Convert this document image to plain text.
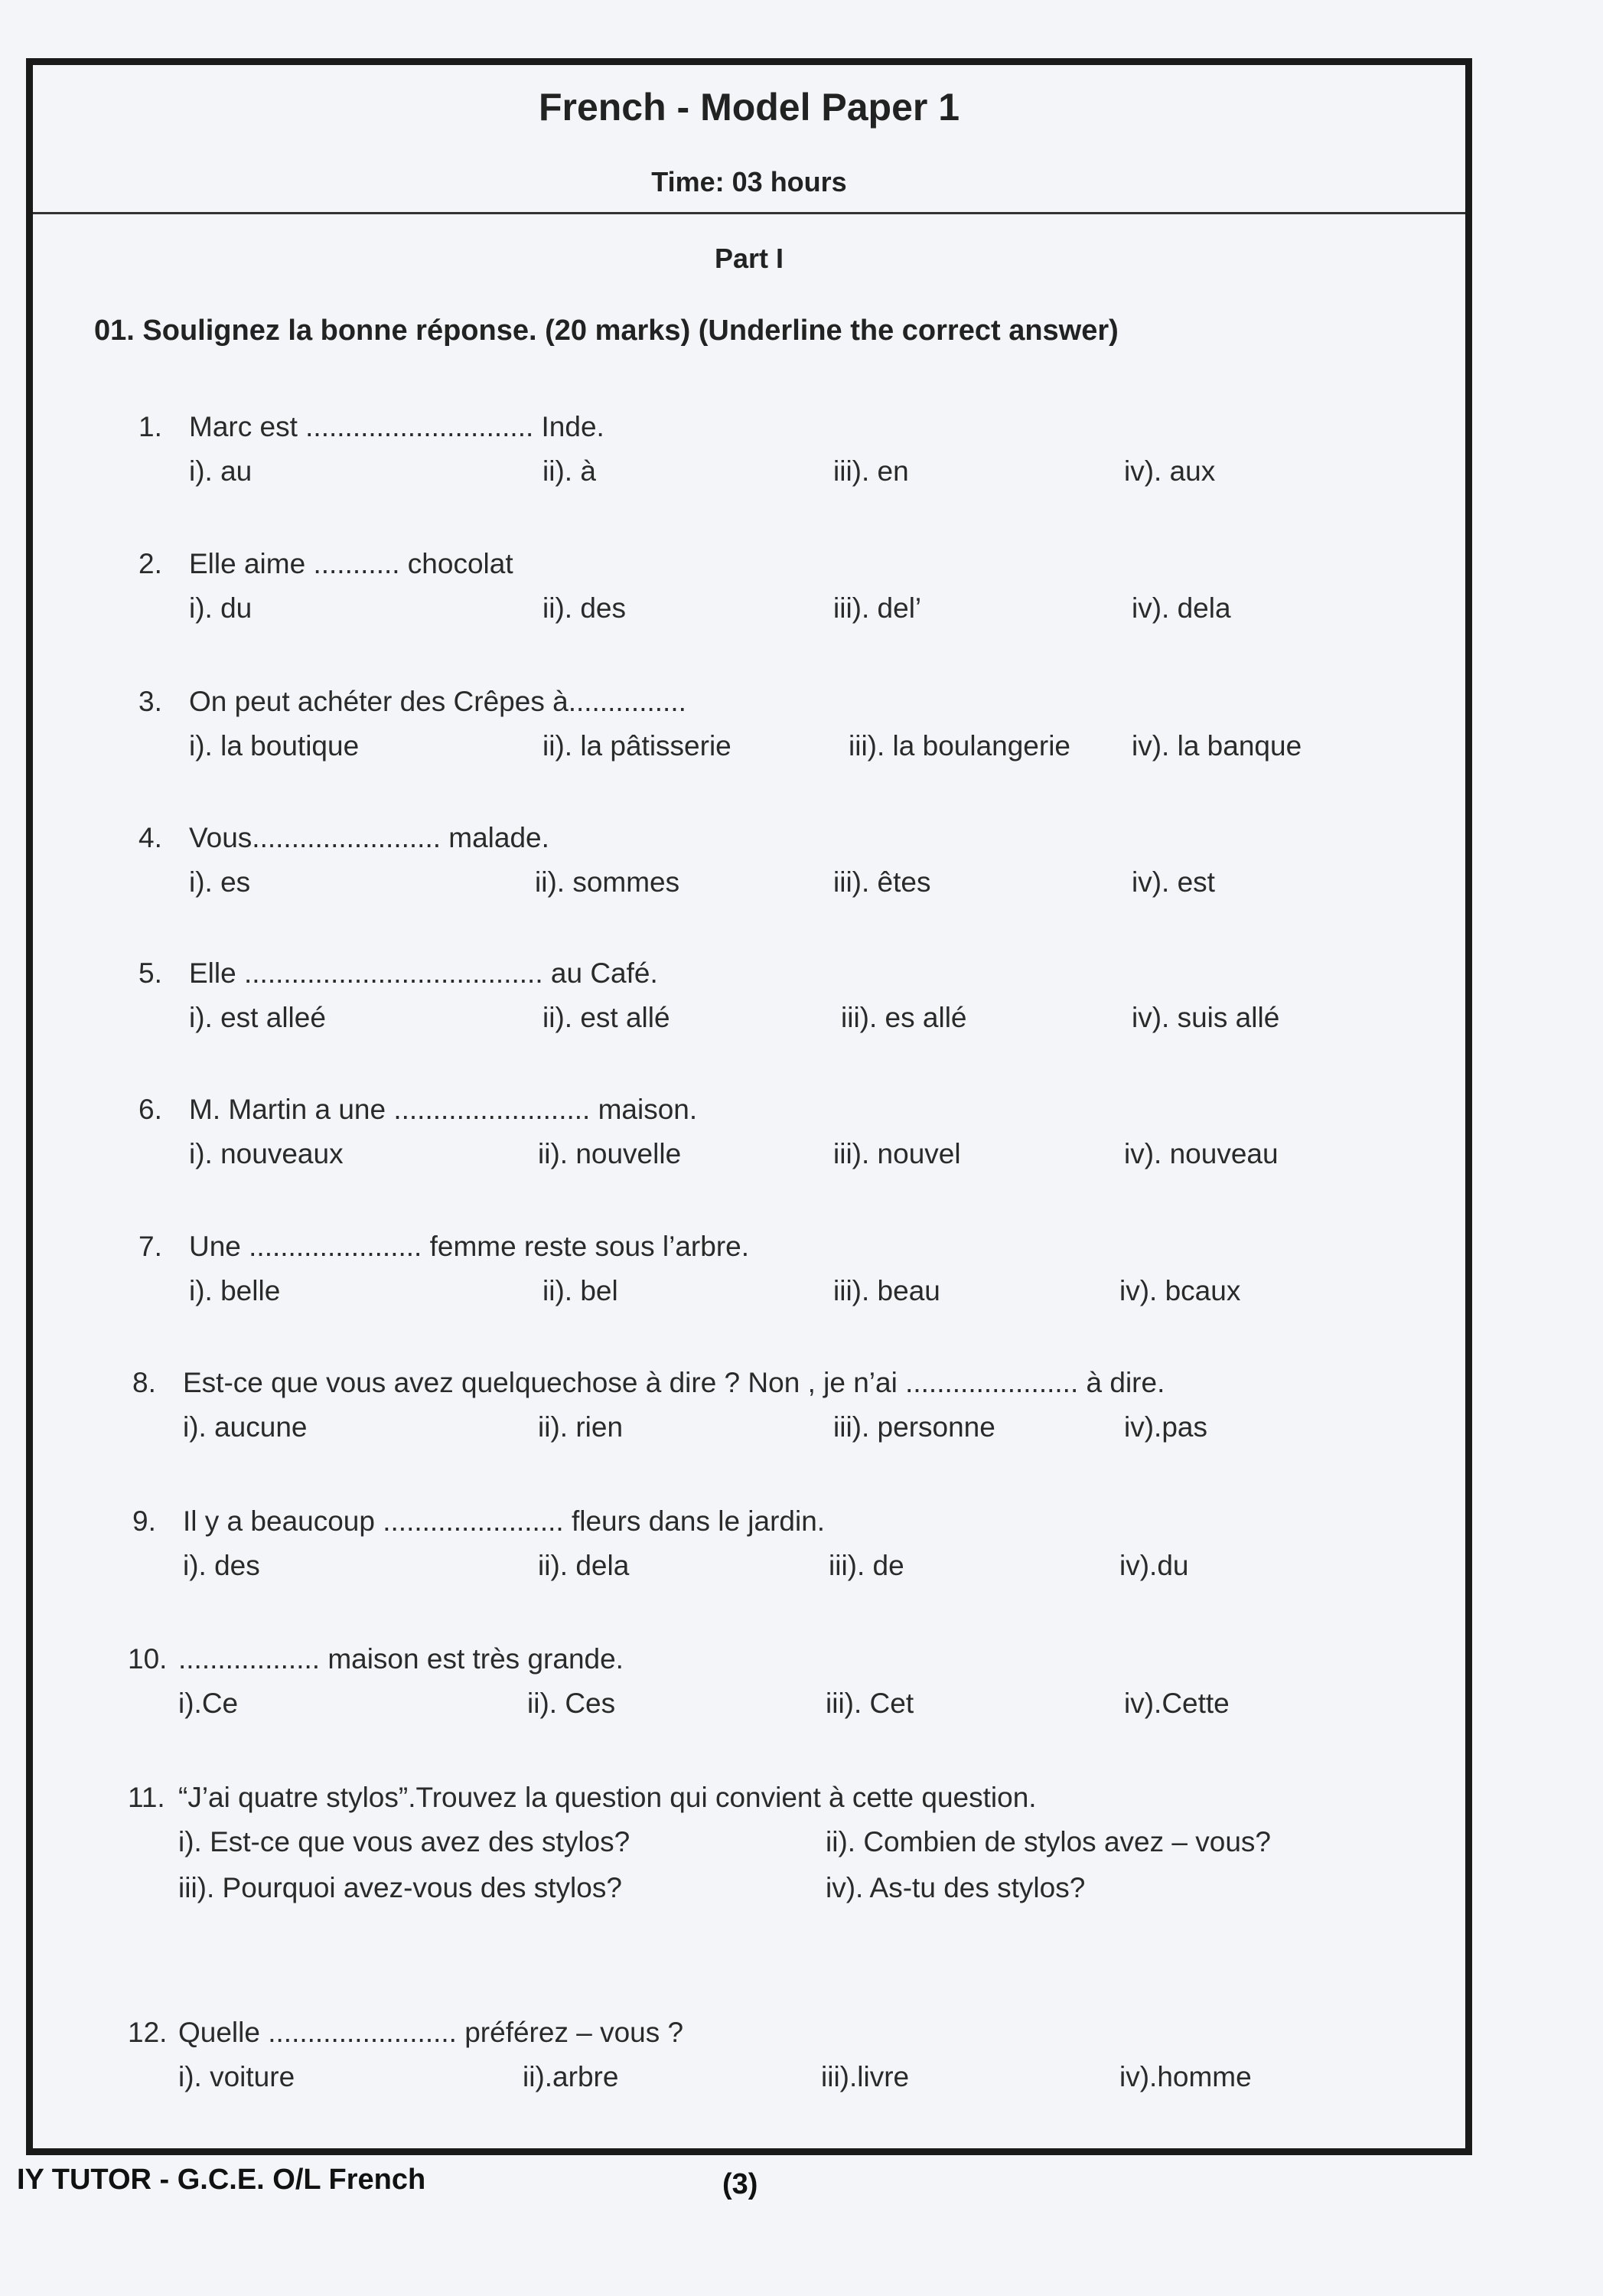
French - Model Paper 1
Time: 03 hours
Part I
01. Soulignez la bonne réponse. (20 marks) (Underline the correct answer)
1. Marc est ............................. Inde.
i). au	ii). à	iii). en	iv). aux
2. Elle aime ........... chocolat
i). du	ii). des	iii). del’	iv). dela
3. On peut achéter des Crêpes à...............
i). la boutique	ii). la pâtisserie	iii). la boulangerie iv). la banque
4. Vous........................ malade.
i). es	ii). sommes	iii). êtes	iv). est
5. Elle ...................................... au Café.
i). est alleé	ii). est allé	iii). es allé	iv). suis allé
6. M. Martin a une ......................... maison.
i). nouveaux	ii). nouvelle	iii). nouvel	iv). nouveau
7. Une ...................... femme reste sous l’arbre.
i). belle	ii). bel	iii). beau	iv). bcaux
8. Est-ce que vous avez quelquechose à dire ? Non , je n’ai ...................... à dire.
i). aucune	ii). rien	iii). personne	iv).pas
9. Il y a beaucoup ....................... fleurs dans le jardin.
i). des	ii). dela	iii). de	iv).du
10. .................. maison est très grande.
i).Ce	ii). Ces	iii). Cet	iv).Cette
11. “J’ai quatre stylos”.Trouvez la question qui convient à cette question.
i). Est-ce que vous avez des stylos?	ii). Combien de stylos avez – vous?
iii). Pourquoi avez-vous des stylos?	iv). As-tu des stylos?
12. Quelle ........................ préférez – vous ?
i). voiture	ii).arbre	iii).livre	iv).homme
IY TUTOR - G.C.E. O/L French	(3)
